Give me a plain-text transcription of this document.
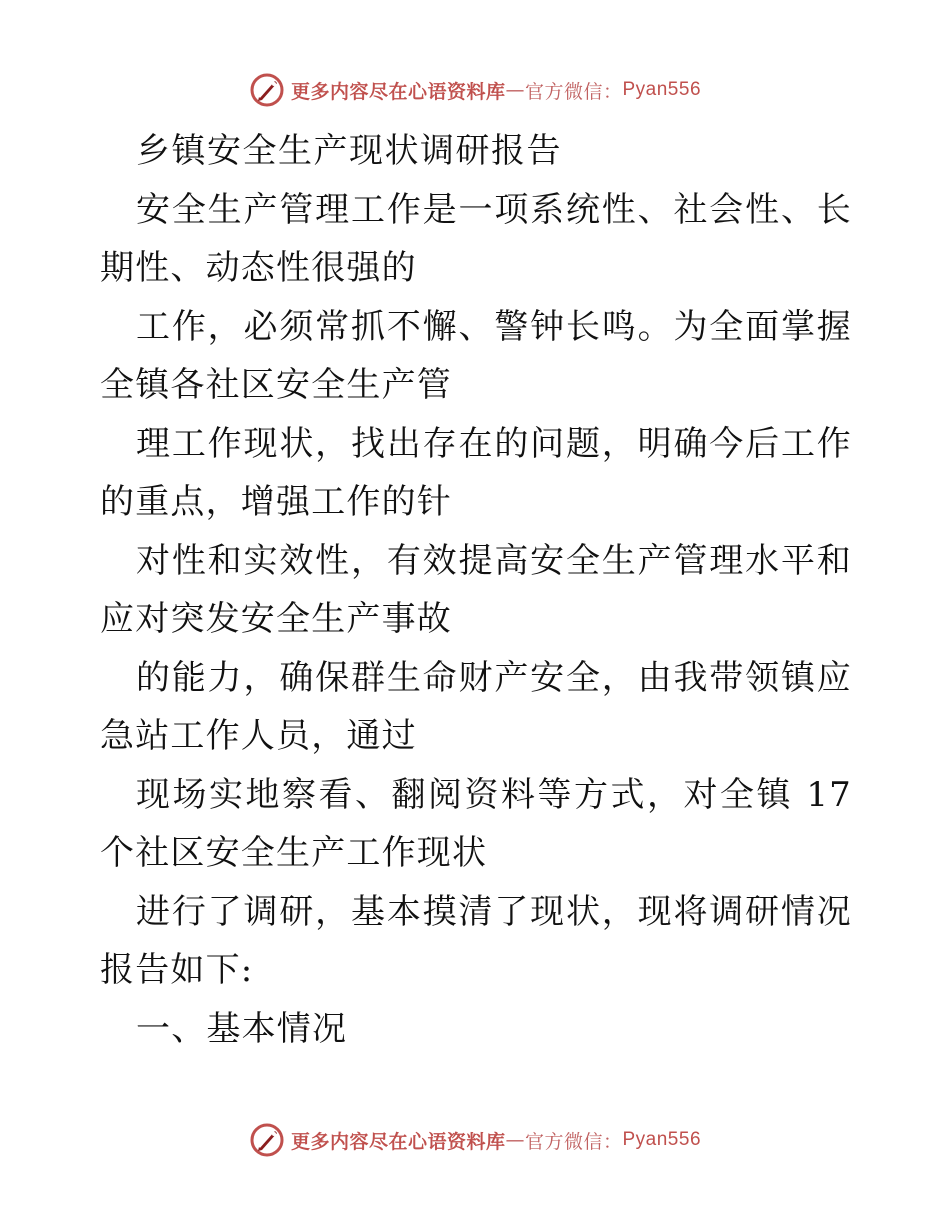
更多内容尽在心语资料库 — 官方微信： Pyan556

乡镇安全生产现状调研报告

安全生产管理工作是一项系统性、社会性、长期性、动态性很强的

工作，必须常抓不懈、警钟长鸣。为全面掌握全镇各社区安全生产管

理工作现状，找出存在的问题，明确今后工作的重点，增强工作的针

对性和实效性，有效提高安全生产管理水平和应对突发安全生产事故

的能力，确保群生命财产安全，由我带领镇应急站工作人员，通过

现场实地察看、翻阅资料等方式，对全镇 17 个社区安全生产工作现状

进行了调研，基本摸清了现状，现将调研情况报告如下:

一、基本情况

更多内容尽在心语资料库 — 官方微信： Pyan556
